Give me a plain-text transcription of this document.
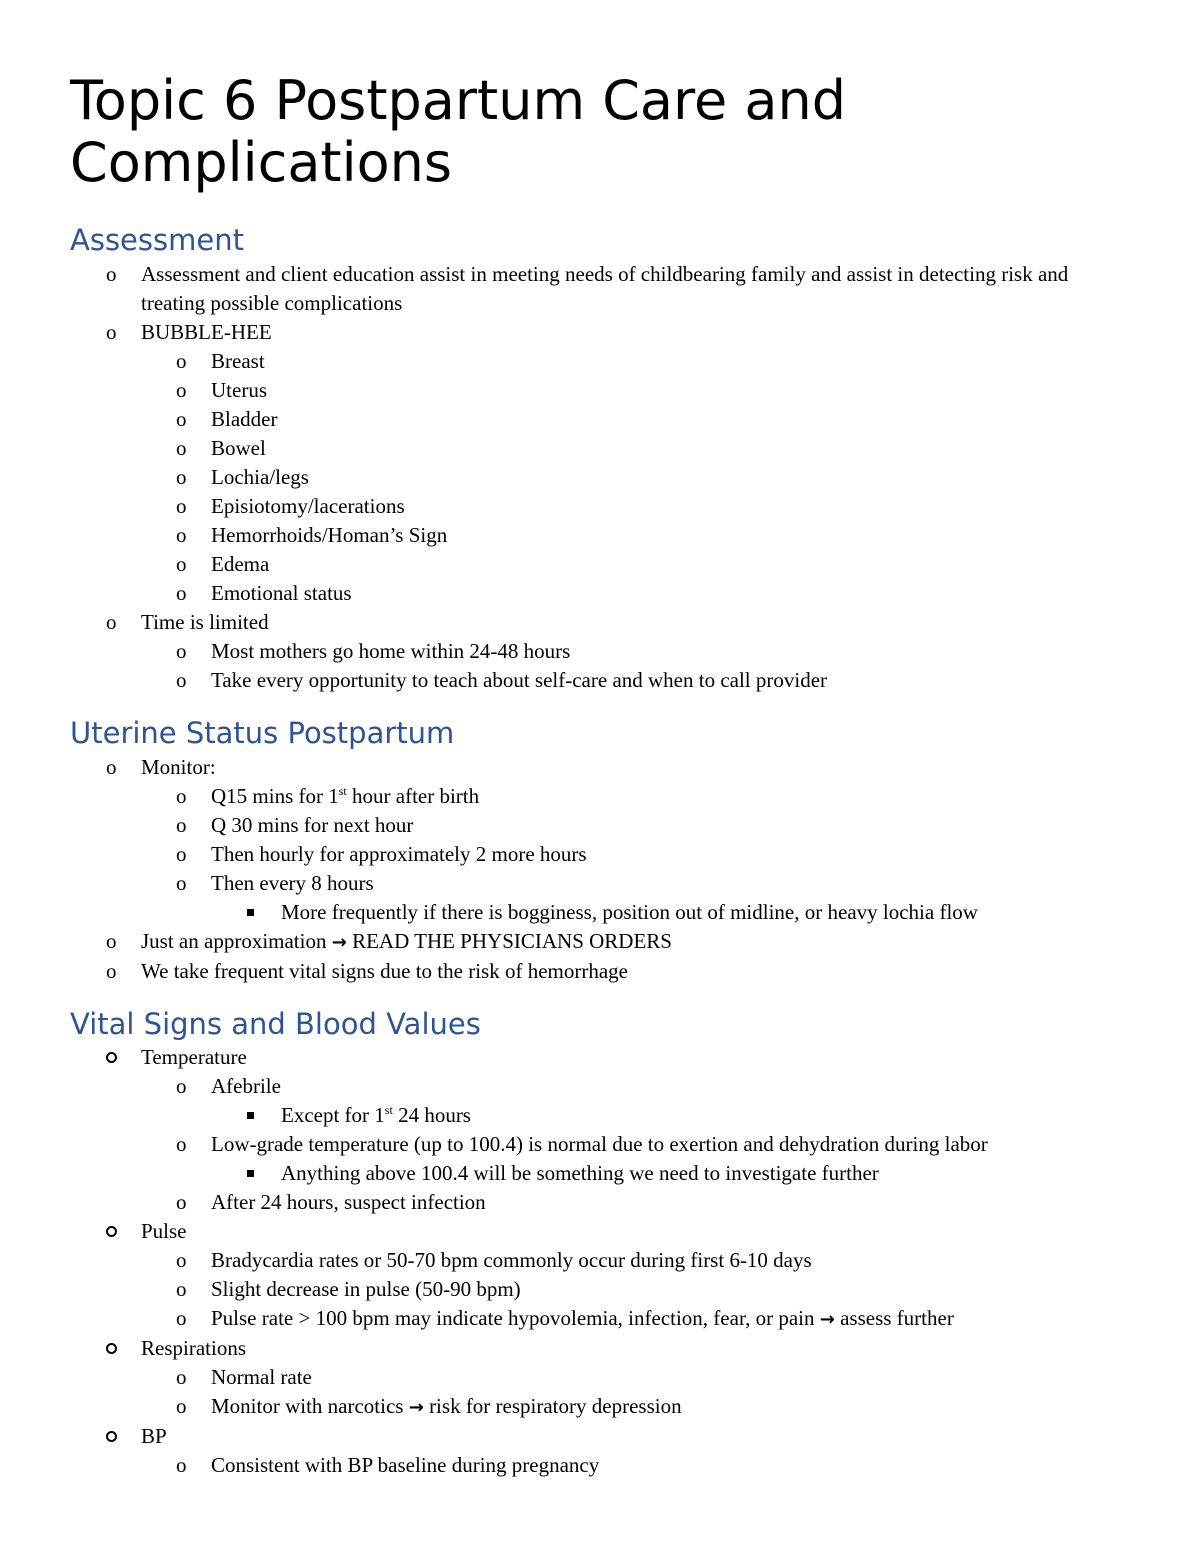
Topic 6 Postpartum Care and Complications
Assessment
o
Assessment and client education assist in meeting needs of childbearing family and assist in detecting risk and treating possible complications
o
BUBBLE-HEE
o
Breast
o
Uterus
o
Bladder
o
Bowel
o
Lochia/legs
o
Episiotomy/lacerations
o
Hemorrhoids/Homan’s Sign
o
Edema
o
Emotional status
o
Time is limited
o
Most mothers go home within 24-48 hours
o
Take every opportunity to teach about self-care and when to call provider
Uterine Status Postpartum
o
Monitor:
o
Q15 mins for 1st hour after birth
o
Q 30 mins for next hour
o
Then hourly for approximately 2 more hours
o
Then every 8 hours
More frequently if there is bogginess, position out of midline, or heavy lochia flow
o
Just an approximation → READ THE PHYSICIANS ORDERS
o
We take frequent vital signs due to the risk of hemorrhage
Vital Signs and Blood Values
Temperature
o
Afebrile
Except for 1st 24 hours
o
Low-grade temperature (up to 100.4) is normal due to exertion and dehydration during labor
Anything above 100.4 will be something we need to investigate further
o
After 24 hours, suspect infection
Pulse
o
Bradycardia rates or 50-70 bpm commonly occur during first 6-10 days
o
Slight decrease in pulse (50-90 bpm)
o
Pulse rate > 100 bpm may indicate hypovolemia, infection, fear, or pain → assess further
Respirations
o
Normal rate
o
Monitor with narcotics → risk for respiratory depression
BP
o
Consistent with BP baseline during pregnancy
